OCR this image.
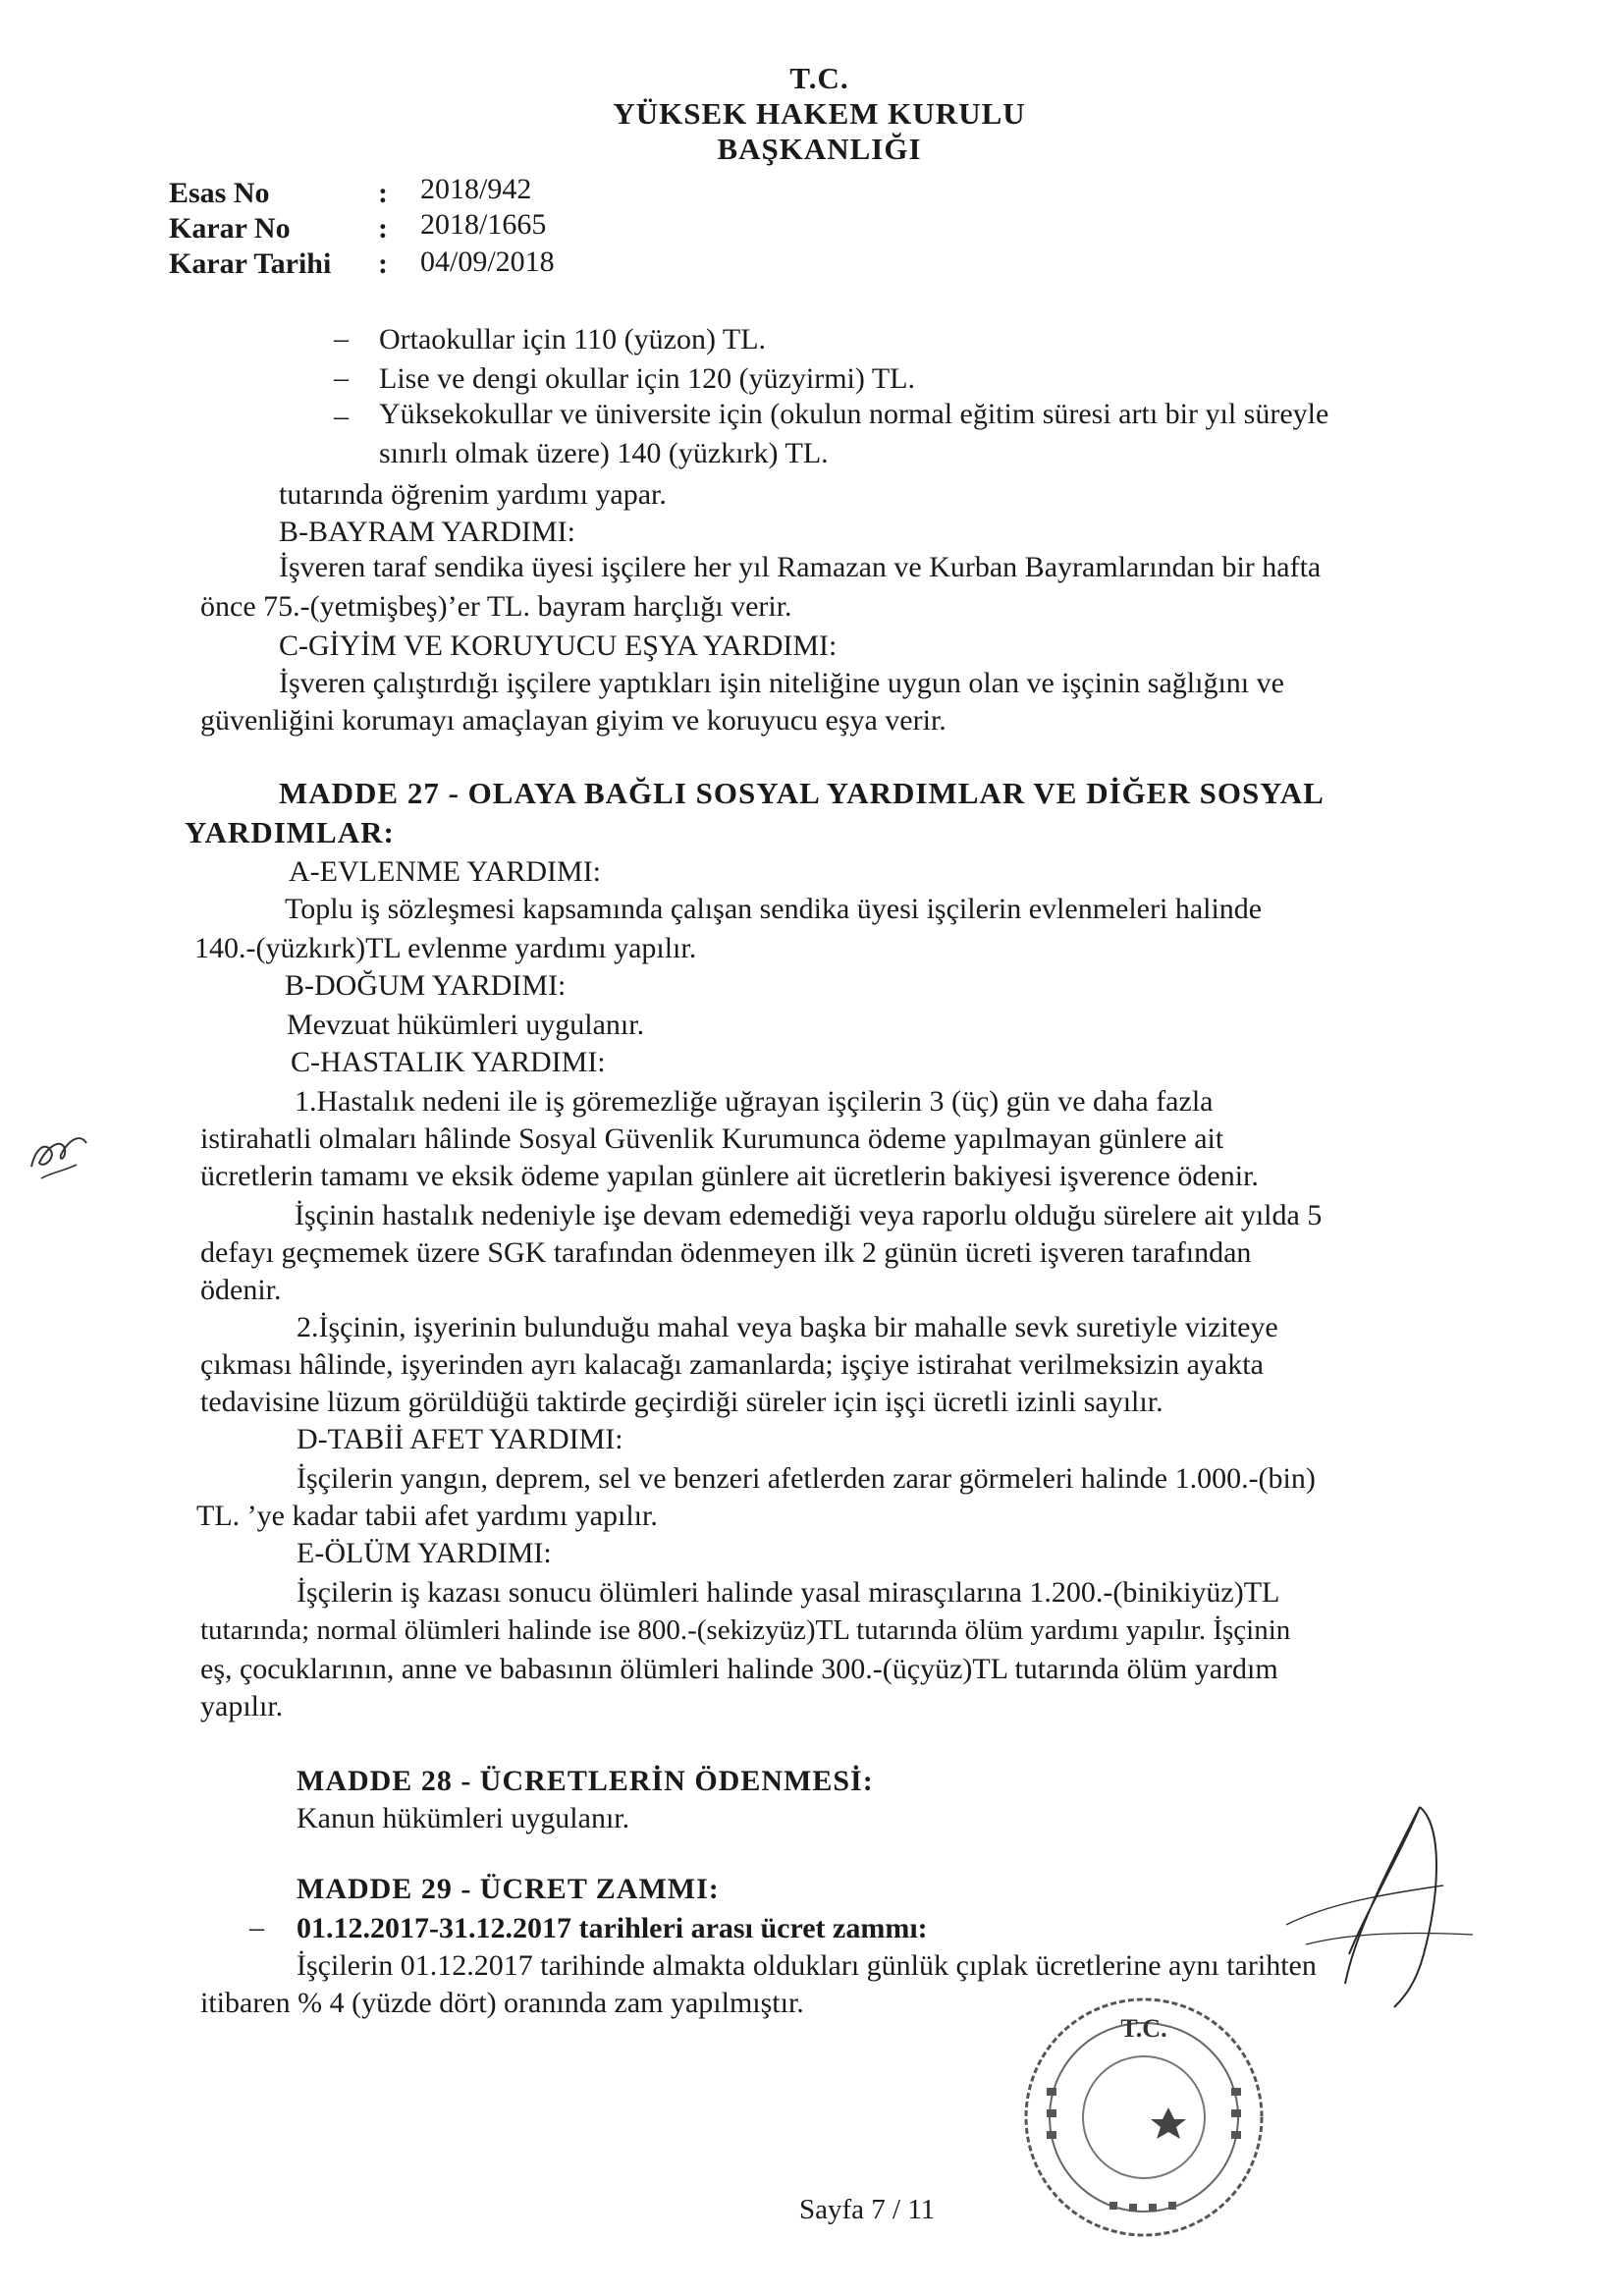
T.C.
YÜKSEK HAKEM KURULU
BAŞKANLIĞI
Esas No	: 2018/942
Karar No	: 2018/1665
Karar Tarihi : 04/09/2018
– Ortaokullar için 110 (yüzon) TL.
– Lise ve dengi okullar için 120 (yüzyirmi) TL.
– Yüksekokullar ve üniversite için (okulun normal eğitim süresi artı bir yıl süreyle
sınırlı olmak üzere) 140 (yüzkırk) TL.
tutarında öğrenim yardımı yapar.
B-BAYRAM YARDIMI:
İşveren taraf sendika üyesi işçilere her yıl Ramazan ve Kurban Bayramlarından bir hafta
önce 75.-(yetmişbeş)’er TL. bayram harçlığı verir.
C-GİYİM VE KORUYUCU EŞYA YARDIMI:
İşveren çalıştırdığı işçilere yaptıkları işin niteliğine uygun olan ve işçinin sağlığını ve
güvenliğini korumayı amaçlayan giyim ve koruyucu eşya verir.
MADDE 27 - OLAYA BAĞLI SOSYAL YARDIMLAR VE DİĞER SOSYAL
YARDIMLAR:
A-EVLENME YARDIMI:
Toplu iş sözleşmesi kapsamında çalışan sendika üyesi işçilerin evlenmeleri halinde
140.-(yüzkırk)TL evlenme yardımı yapılır.
B-DOĞUM YARDIMI:
Mevzuat hükümleri uygulanır.
C-HASTALIK YARDIMI:
1.Hastalık nedeni ile iş göremezliğe uğrayan işçilerin 3 (üç) gün ve daha fazla
istirahatli olmaları hâlinde Sosyal Güvenlik Kurumunca ödeme yapılmayan günlere ait
ücretlerin tamamı ve eksik ödeme yapılan günlere ait ücretlerin bakiyesi işverence ödenir.
İşçinin hastalık nedeniyle işe devam edemediği veya raporlu olduğu sürelere ait yılda 5
defayı geçmemek üzere SGK tarafından ödenmeyen ilk 2 günün ücreti işveren tarafından
ödenir.
2.İşçinin, işyerinin bulunduğu mahal veya başka bir mahalle sevk suretiyle viziteye
çıkması hâlinde, işyerinden ayrı kalacağı zamanlarda; işçiye istirahat verilmeksizin ayakta
tedavisine lüzum görüldüğü taktirde geçirdiği süreler için işçi ücretli izinli sayılır.
D-TABİİ AFET YARDIMI:
İşçilerin yangın, deprem, sel ve benzeri afetlerden zarar görmeleri halinde 1.000.-(bin)
TL. ’ye kadar tabii afet yardımı yapılır.
E-ÖLÜM YARDIMI:
İşçilerin iş kazası sonucu ölümleri halinde yasal mirasçılarına 1.200.-(binikiyüz)TL
tutarında; normal ölümleri halinde ise 800.-(sekizyüz)TL tutarında ölüm yardımı yapılır. İşçinin
eş, çocuklarının, anne ve babasının ölümleri halinde 300.-(üçyüz)TL tutarında ölüm yardım
yapılır.
MADDE 28 - ÜCRETLERİN ÖDENMESİ:
Kanun hükümleri uygulanır.
MADDE 29 - ÜCRET ZAMMI:
– 01.12.2017-31.12.2017 tarihleri arası ücret zammı:
İşçilerin 01.12.2017 tarihinde almakta oldukları günlük çıplak ücretlerine aynı tarihten
itibaren % 4 (yüzde dört) oranında zam yapılmıştır.
Sayfa 7 / 11
T.C.
